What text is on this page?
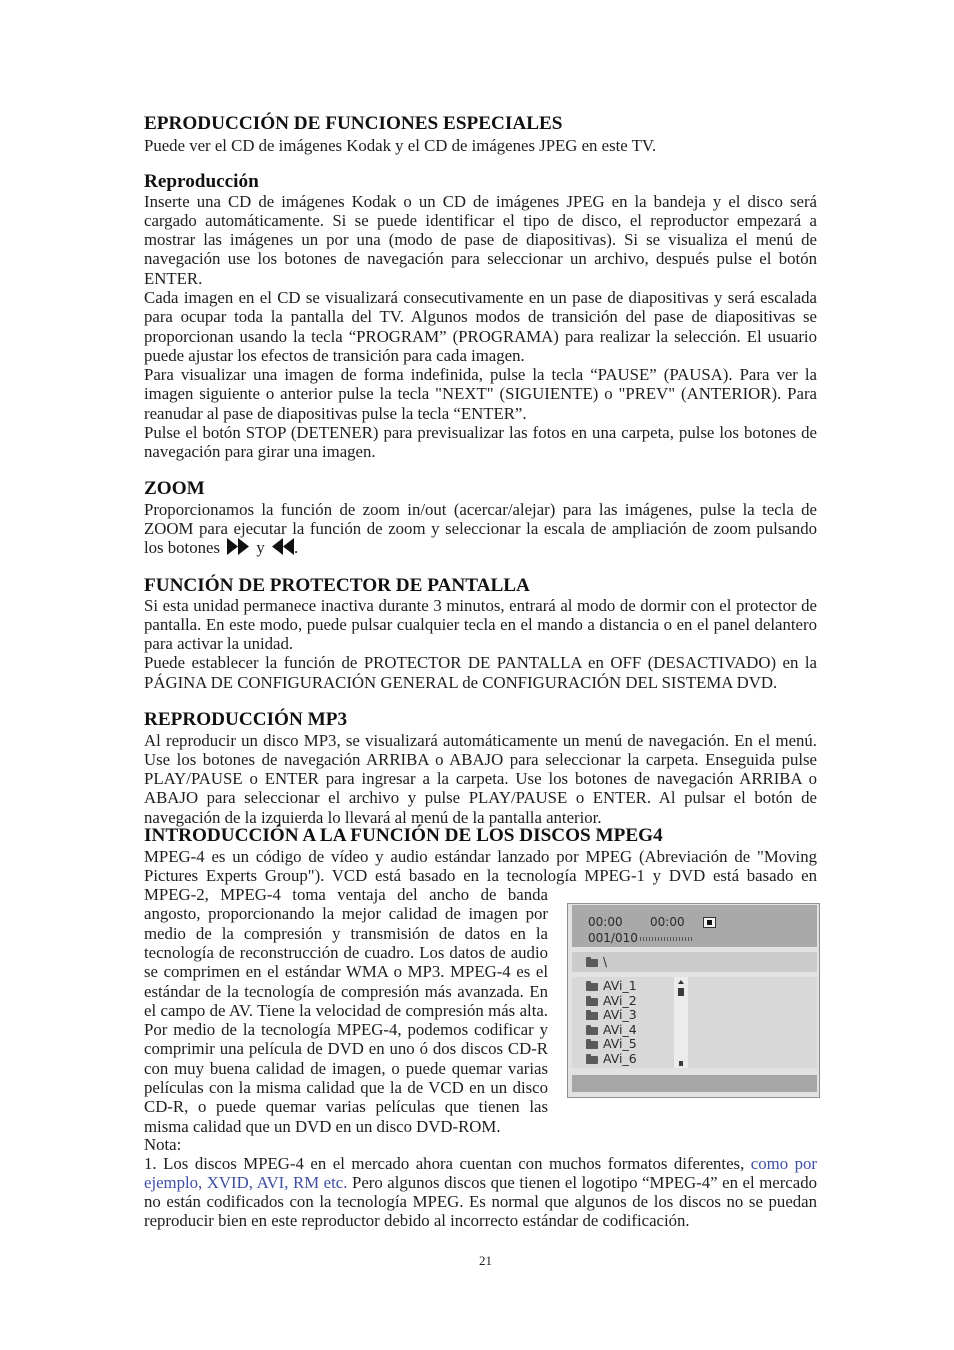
EPRODUCCIÓN DE FUNCIONES ESPECIALES

Puede ver el CD de imágenes Kodak y el CD de imágenes JPEG en este TV.

Reproducción

Inserte una CD de imágenes Kodak o un CD de imágenes JPEG en la bandeja y el disco será cargado automáticamente. Si se puede identificar el tipo de disco, el reproductor empezará a mostrar las imágenes un por una (modo de pase de diapositivas). Si se visualiza el menú de navegación use los botones de navegación para seleccionar un archivo, después pulse el botón ENTER.

Cada imagen en el CD se visualizará consecutivamente en un pase de diapositivas y será escalada para ocupar toda la pantalla del TV. Algunos modos de transición del pase de diapositivas se proporcionan usando la tecla “PROGRAM” (PROGRAMA) para realizar la selección. El usuario puede ajustar los efectos de transición para cada imagen.

Para visualizar una imagen de forma indefinida, pulse la tecla “PAUSE” (PAUSA). Para ver la imagen siguiente o anterior pulse la tecla "NEXT" (SIGUIENTE) o "PREV" (ANTERIOR). Para reanudar al pase de diapositivas pulse la tecla “ENTER”.

Pulse el botón STOP (DETENER) para previsualizar las fotos en una carpeta, pulse los botones de navegación para girar una imagen.

ZOOM

Proporcionamos la función de zoom in/out (acercar/alejar) para las imágenes, pulse la tecla de ZOOM para ejecutar la función de zoom y seleccionar la escala de ampliación de zoom pulsando los botones y .

FUNCIÓN DE PROTECTOR DE PANTALLA

Si esta unidad permanece inactiva durante 3 minutos, entrará al modo de dormir con el protector de pantalla. En este modo, puede pulsar cualquier tecla en el mando a distancia o en el panel delantero para activar la unidad.

Puede establecer la función de PROTECTOR DE PANTALLA en OFF (DESACTIVADO) en la PÁGINA DE CONFIGURACIÓN GENERAL de CONFIGURACIÓN DEL SISTEMA DVD.

REPRODUCCIÓN MP3

Al reproducir un disco MP3, se visualizará automáticamente un menú de navegación. En el menú. Use los botones de navegación ARRIBA o ABAJO para seleccionar la carpeta. Enseguida pulse PLAY/PAUSE o ENTER para ingresar a la carpeta. Use los botones de navegación ARRIBA o ABAJO para seleccionar el archivo y pulse PLAY/PAUSE o ENTER. Al pulsar el botón de navegación de la izquierda lo llevará al menú de la pantalla anterior.

INTRODUCCIÓN A LA FUNCIÓN DE LOS DISCOS MPEG4
00:00 00:00
001/010
\
AVi_1
AVi_2
AVi_3
AVi_4
AVi_5
AVi_6
MPEG-4 es un código de vídeo y audio estándar lanzado por MPEG (Abreviación de "Moving Pictures Experts Group"). VCD está basado en la tecnología MPEG-1 y DVD está basado en MPEG-2, MPEG-4 toma ventaja del ancho de banda angosto, proporcionando la mejor calidad de imagen por medio de la compresión y transmisión de datos en la tecnología de reconstrucción de cuadro. Los datos de audio se comprimen en el estándar WMA o MP3. MPEG-4 es el estándar de la tecnología de compresión más avanzada. En el campo de AV. Tiene la velocidad de compresión más alta. Por medio de la tecnología MPEG-4, podemos codificar y comprimir una película de DVD en uno ó dos discos CD-R con muy buena calidad de imagen, o puede quemar varias películas con la misma calidad que la de VCD en un disco CD-R, o puede quemar varias películas que tienen las misma calidad que un DVD en un disco DVD-ROM.

Nota:

1. Los discos MPEG-4 en el mercado ahora cuentan con muchos formatos diferentes, como por ejemplo, XVID, AVI, RM etc. Pero algunos discos que tienen el logotipo “MPEG-4” en el mercado no están codificados con la tecnología MPEG. Es normal que algunos de los discos no se puedan reproducir bien en este reproductor debido al incorrecto estándar de codificación.

21
